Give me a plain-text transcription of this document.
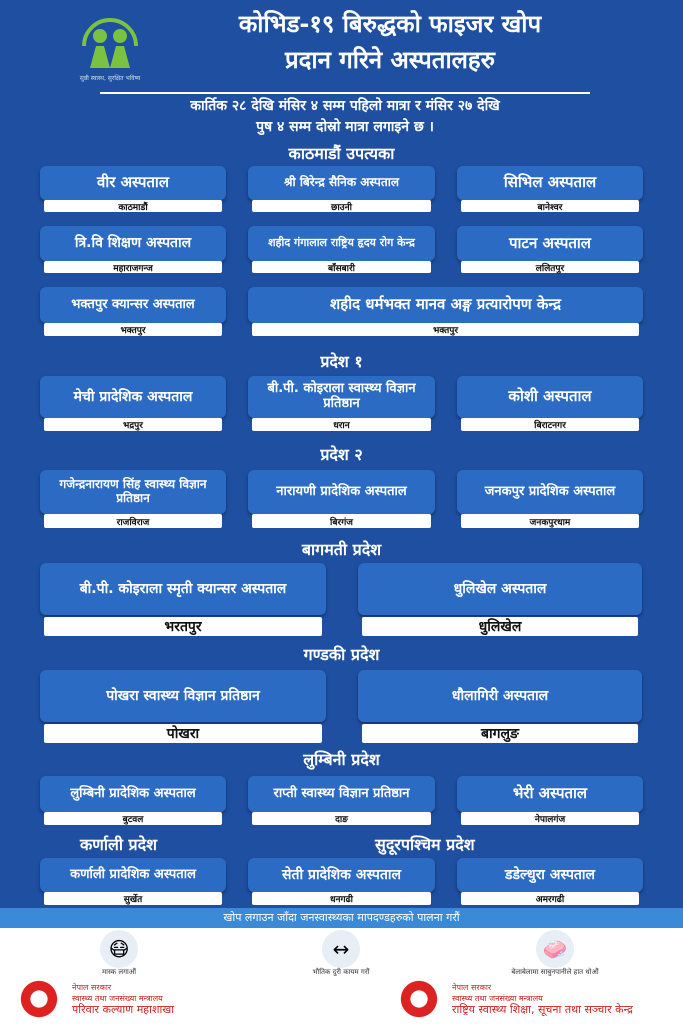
सुन्नी स्वास्थ, सुरक्षित भविष्य
कोभिड-१९ बिरुद्धको फाइजर खोप
प्रदान गरिने अस्पतालहरु
कार्तिक २८ देखि मंसिर ४ सम्म पहिलो मात्रा र मंसिर २७ देखि
पुष ४ सम्म दोस्रो मात्रा लगाइने छ ।
काठमाडौं उपत्यका
प्रदेश १
प्रदेश २
बागमती प्रदेश
गण्डकी प्रदेश
लुम्बिनी प्रदेश
कर्णाली प्रदेश	सुदूरपश्चिम प्रदेश
वीर अस्पताल
काठमाडौं
श्री बिरेन्द्र सैनिक अस्पताल
छाउनी
सिभिल अस्पताल
बानेश्वर
त्रि.वि शिक्षण अस्पताल
महाराजगन्ज
शहीद गंगालाल राष्ट्रिय हृदय रोग केन्द्र
बाँसबारी
पाटन अस्पताल
ललितपुर
भक्तपुर क्यान्सर अस्पताल
भक्तपुर
शहीद धर्मभक्त मानव अङ्ग प्रत्यारोपण केन्द्र
भक्तपुर
मेची प्रादेशिक अस्पताल
भद्रपुर
बी.पी. कोइराला स्वास्थ्य विज्ञान प्रतिष्ठान
धरान
कोशी अस्पताल
बिराटनगर
गजेन्द्रनारायण सिंह स्वास्थ्य विज्ञान प्रतिष्ठान
राजविराज
नारायणी प्रादेशिक अस्पताल
बिरगंज
जनकपुर प्रादेशिक अस्पताल
जनकपुरधाम
बी.पी. कोइराला स्मृती क्यान्सर अस्पताल
भरतपुर
धुलिखेल अस्पताल
धुलिखेल
पोखरा स्वास्थ्य विज्ञान प्रतिष्ठान
पोखरा
धौलागिरी अस्पताल
बागलुङ
लुम्बिनी प्रादेशिक अस्पताल
बुटवल
राप्ती स्वास्थ्य विज्ञान प्रतिष्ठान
दाङ
भेरी अस्पताल
नेपालगंज
कर्णाली प्रादेशिक अस्पताल
सुर्खेत
सेती प्रादेशिक अस्पताल
धनगढी
डडेल्धुरा अस्पताल
अमरगढी
खोप लगाउन जाँदा जनस्वास्थ्यका मापदण्डहरुको पालना गरौं
😷
मास्क लगाऔं
↔
भौतिक दुरी कायम गरौं
🧼
बेलाबेलामा साबुनपानीले हात धोऔं
नेपाल सरकार
स्वास्थ्य तथा जनसंख्या मन्त्रालय
परिवार कल्याण महाशाखा
नेपाल सरकार
स्वास्थ्य तथा जनसंख्या मन्त्रालय
राष्ट्रिय स्वास्थ्य शिक्षा, सूचना तथा सञ्चार केन्द्र
